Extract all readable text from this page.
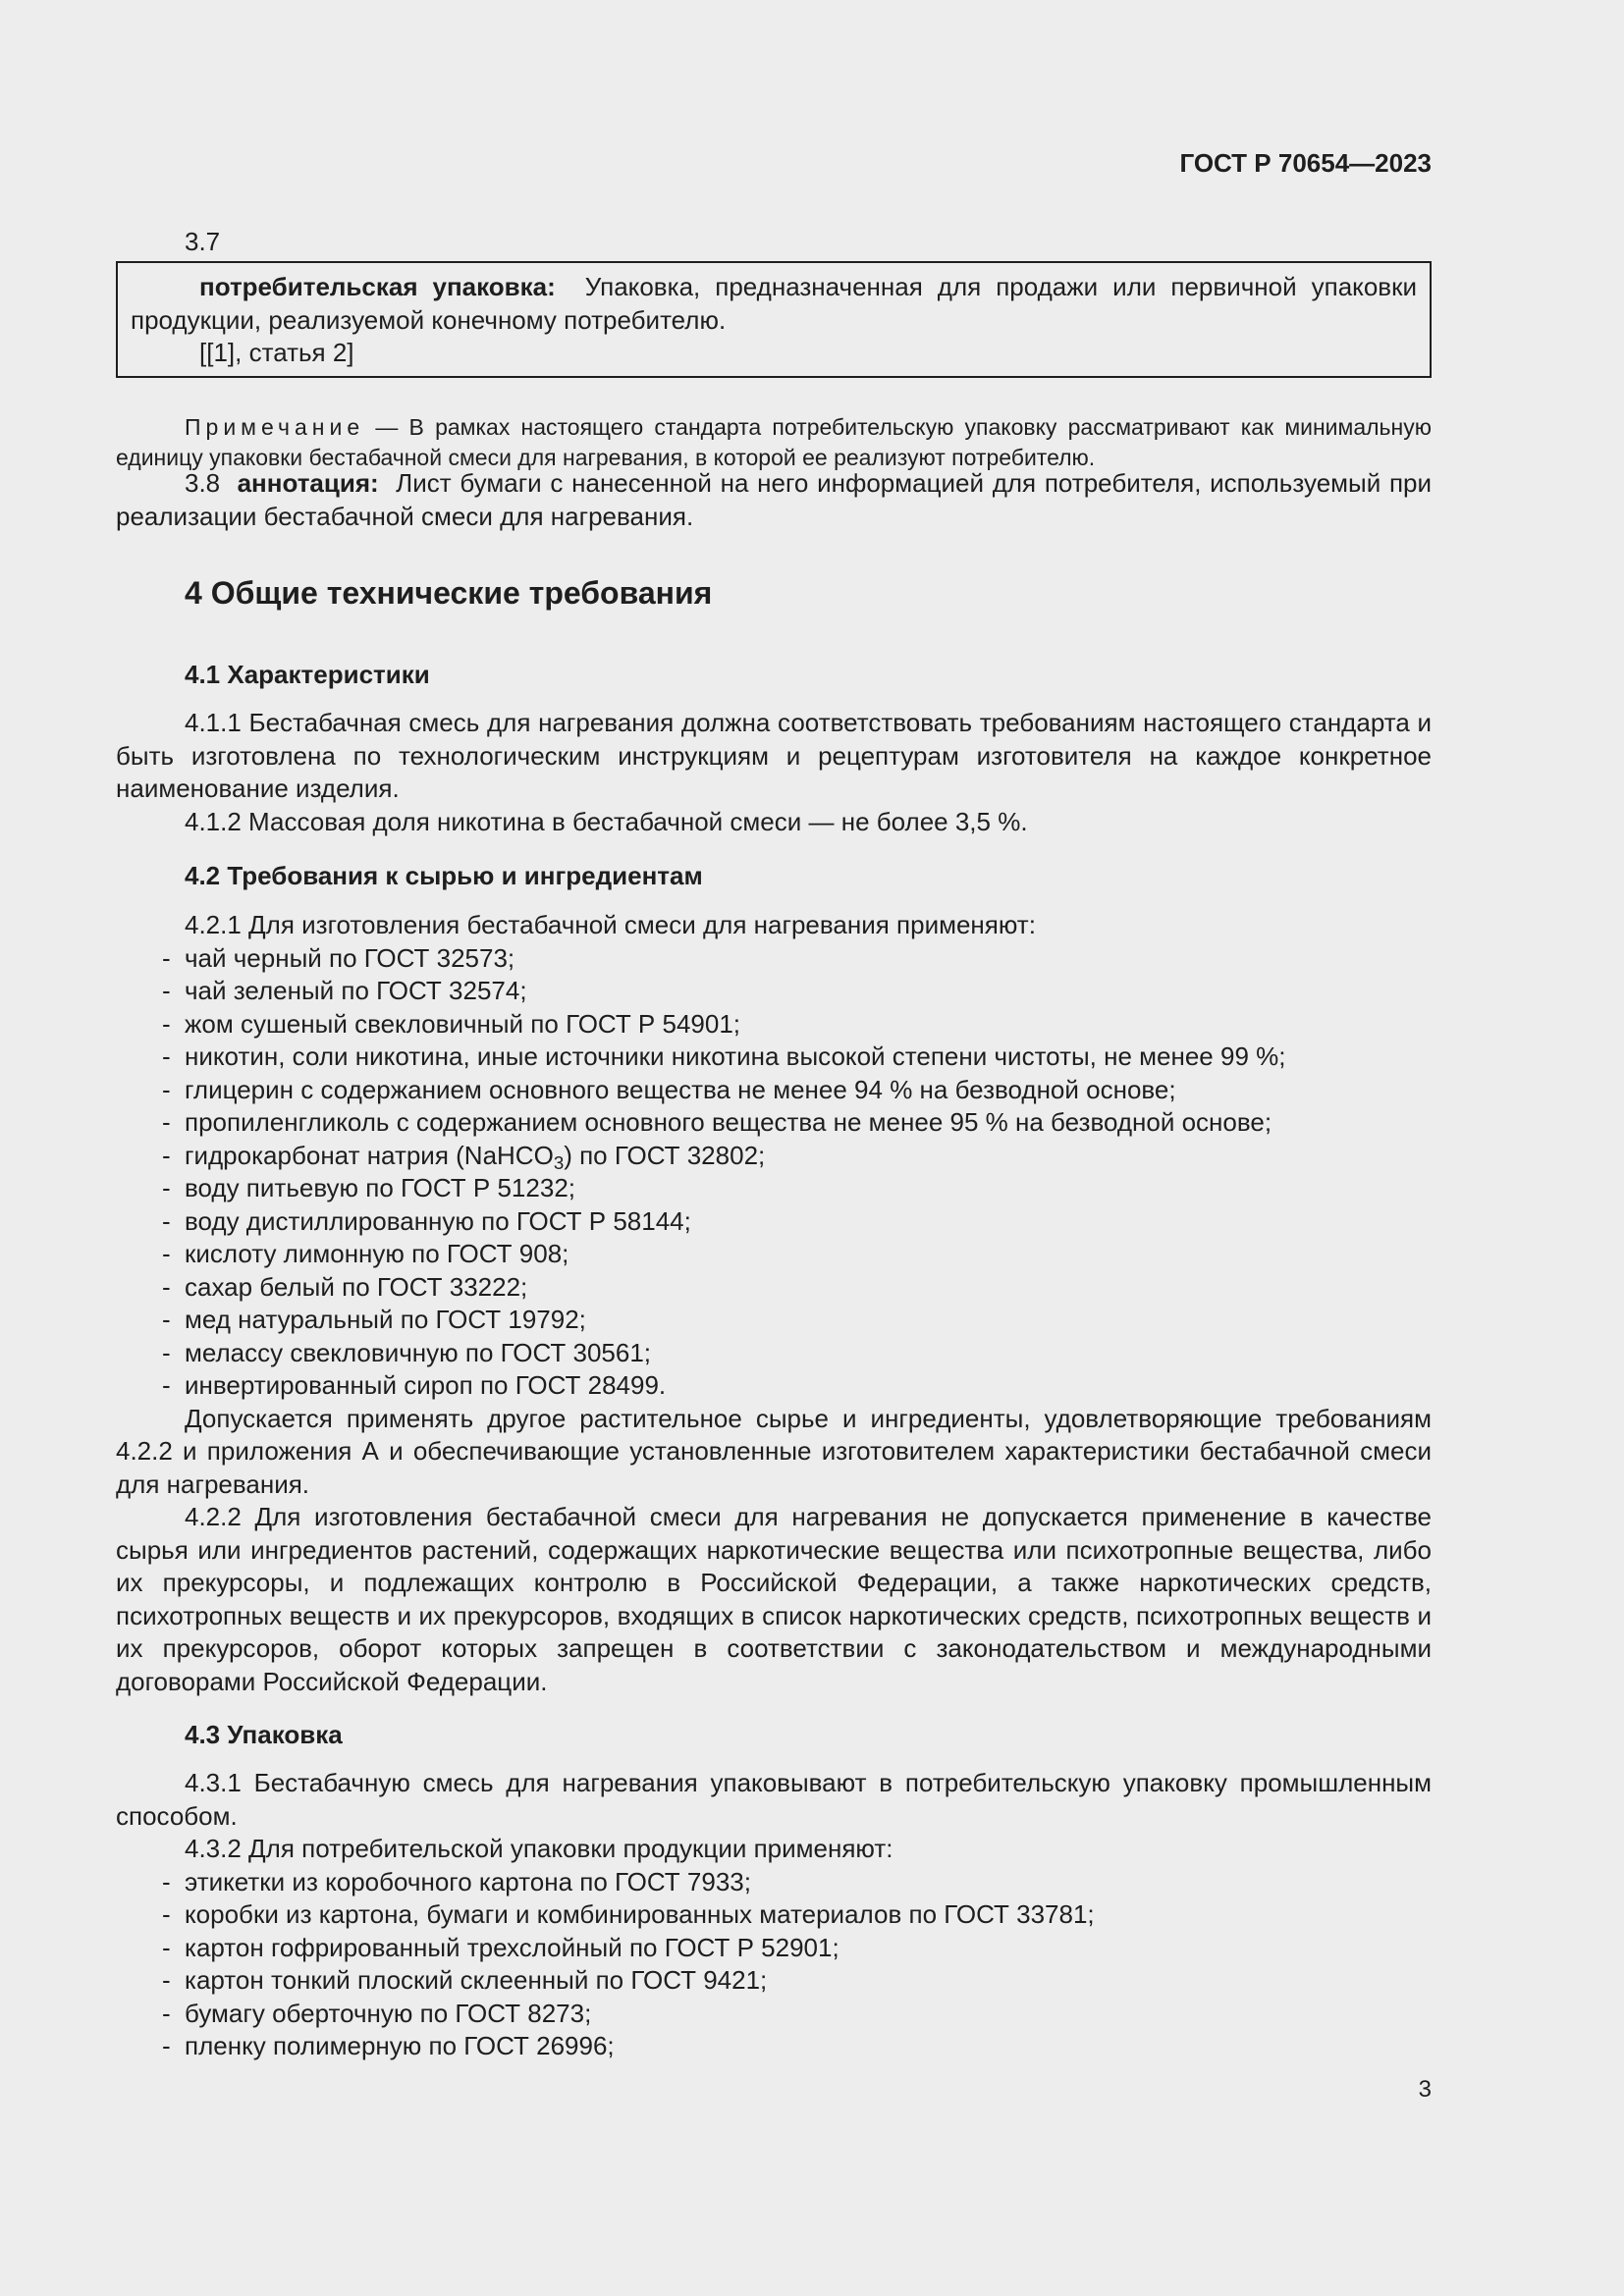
ГОСТ Р 70654—2023
3.7

потребительская упаковка: Упаковка, предназначенная для продажи или первичной упаковки продукции, реализуемой конечному потребителю.

[[1], статья 2]

Примечание — В рамках настоящего стандарта потребительскую упаковку рассматривают как минимальную единицу упаковки бестабачной смеси для нагревания, в которой ее реализуют потребителю.

3.8 аннотация: Лист бумаги с нанесенной на него информацией для потребителя, используемый при реализации бестабачной смеси для нагревания.

4 Общие технические требования
4.1 Характеристики

4.1.1 Бестабачная смесь для нагревания должна соответствовать требованиям настоящего стандарта и быть изготовлена по технологическим инструкциям и рецептурам изготовителя на каждое конкретное наименование изделия.

4.1.2 Массовая доля никотина в бестабачной смеси — не более 3,5 %.

4.2 Требования к сырью и ингредиентам

4.2.1 Для изготовления бестабачной смеси для нагревания применяют:

- чай черный по ГОСТ 32573;

- чай зеленый по ГОСТ 32574;

- жом сушеный свекловичный по ГОСТ Р 54901;

- никотин, соли никотина, иные источники никотина высокой степени чистоты, не менее 99 %;

- глицерин с содержанием основного вещества не менее 94 % на безводной основе;

- пропиленгликоль с содержанием основного вещества не менее 95 % на безводной основе;

- гидрокарбонат натрия (NaHCO$_3$) по ГОСТ 32802;

- воду питьевую по ГОСТ Р 51232;

- воду дистиллированную по ГОСТ Р 58144;

- кислоту лимонную по ГОСТ 908;

- сахар белый по ГОСТ 33222;

- мед натуральный по ГОСТ 19792;

- мелассу свекловичную по ГОСТ 30561;

- инвертированный сироп по ГОСТ 28499.

Допускается применять другое растительное сырье и ингредиенты, удовлетворяющие требованиям 4.2.2 и приложения А и обеспечивающие установленные изготовителем характеристики бестабачной смеси для нагревания.

4.2.2 Для изготовления бестабачной смеси для нагревания не допускается применение в качестве сырья или ингредиентов растений, содержащих наркотические вещества или психотропные вещества, либо их прекурсоры, и подлежащих контролю в Российской Федерации, а также наркотических средств, психотропных веществ и их прекурсоров, входящих в список наркотических средств, психотропных веществ и их прекурсоров, оборот которых запрещен в соответствии с законодательством и международными договорами Российской Федерации.

4.3 Упаковка

4.3.1 Бестабачную смесь для нагревания упаковывают в потребительскую упаковку промышленным способом.

4.3.2 Для потребительской упаковки продукции применяют:

- этикетки из коробочного картона по ГОСТ 7933;

- коробки из картона, бумаги и комбинированных материалов по ГОСТ 33781;

- картон гофрированный трехслойный по ГОСТ Р 52901;

- картон тонкий плоский склеенный по ГОСТ 9421;

- бумагу оберточную по ГОСТ 8273;

- пленку полимерную по ГОСТ 26996;

3
